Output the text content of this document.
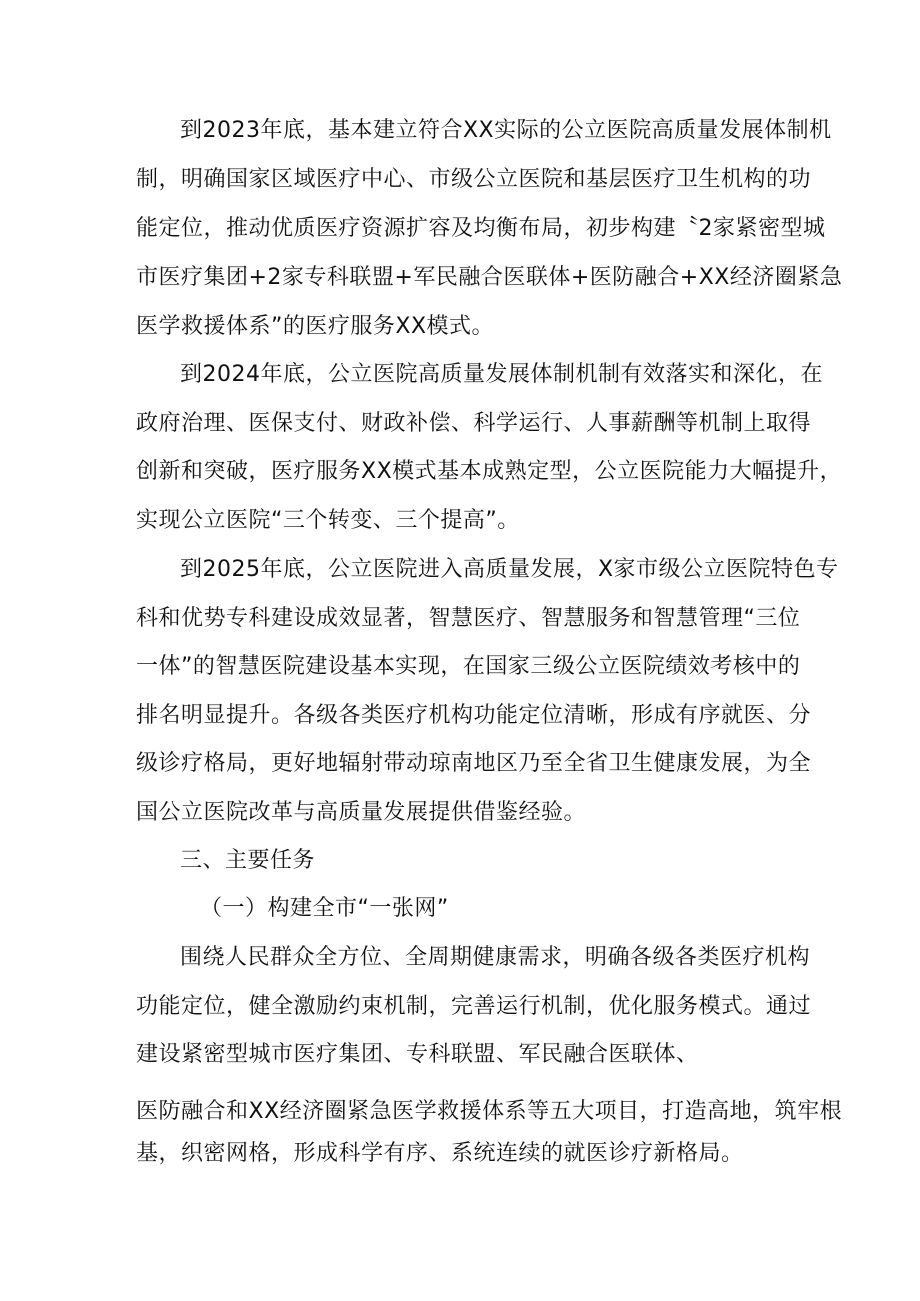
到2023年底，基本建立符合XX实际的公立医院高质量发展体制机
制，明确国家区域医疗中心、市级公立医院和基层医疗卫生机构的功
能定位，推动优质医疗资源扩容及均衡布局，初步构建〝2家紧密型城
市医疗集团+2家专科联盟+军民融合医联体+医防融合+XX经济圈紧急
医学救援体系”的医疗服务XX模式。
到2024年底，公立医院高质量发展体制机制有效落实和深化，在
政府治理、医保支付、财政补偿、科学运行、人事薪酬等机制上取得
创新和突破，医疗服务XX模式基本成熟定型，公立医院能力大幅提升，
实现公立医院“三个转变、三个提高”。
到2025年底，公立医院进入高质量发展，X家市级公立医院特色专
科和优势专科建设成效显著，智慧医疗、智慧服务和智慧管理“三位
一体”的智慧医院建设基本实现，在国家三级公立医院绩效考核中的
排名明显提升。各级各类医疗机构功能定位清晰，形成有序就医、分
级诊疗格局，更好地辐射带动琼南地区乃至全省卫生健康发展，为全
国公立医院改革与高质量发展提供借鉴经验。
三、主要任务
（一）构建全市“一张网”
围绕人民群众全方位、全周期健康需求，明确各级各类医疗机构
功能定位，健全激励约束机制，完善运行机制，优化服务模式。通过
建设紧密型城市医疗集团、专科联盟、军民融合医联体、
医防融合和XX经济圈紧急医学救援体系等五大项目，打造高地，筑牢根
基，织密网格，形成科学有序、系统连续的就医诊疗新格局。
